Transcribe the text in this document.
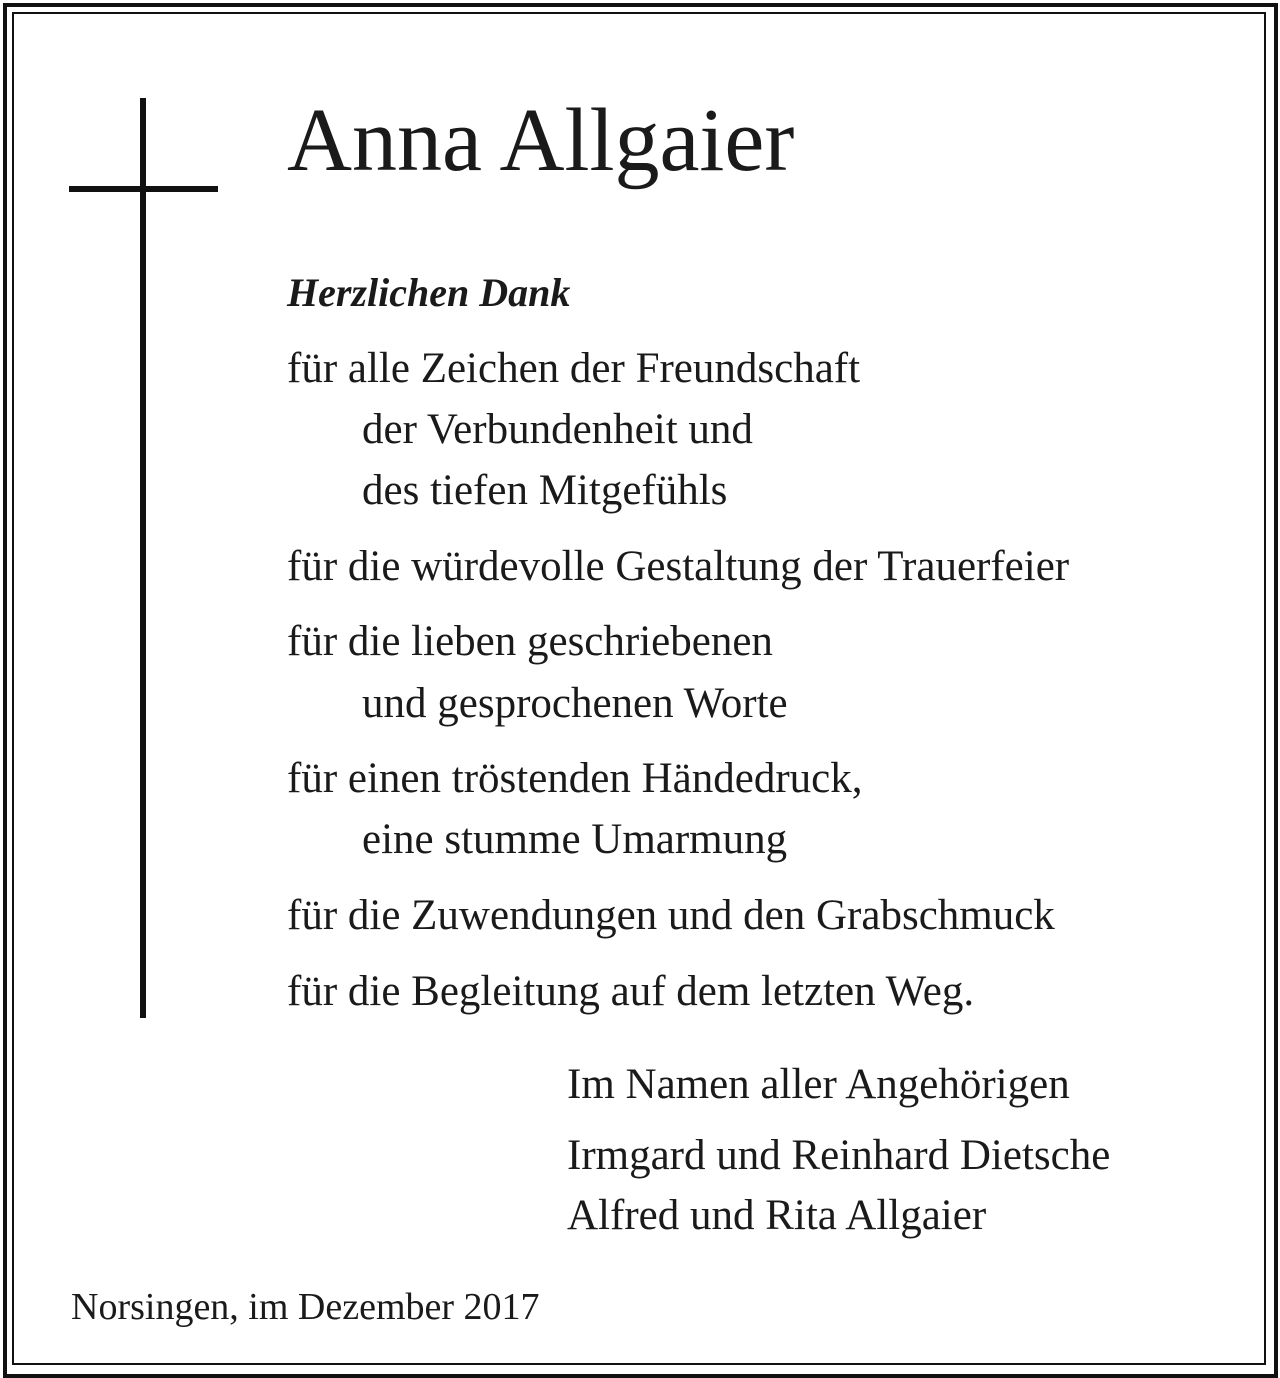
Anna Allgaier
Herzlichen Dank
für alle Zeichen der Freundschaft
der Verbundenheit und
des tiefen Mitgefühls
für die würdevolle Gestaltung der Trauerfeier
für die lieben geschriebenen
und gesprochenen Worte
für einen tröstenden Händedruck,
eine stumme Umarmung
für die Zuwendungen und den Grabschmuck
für die Begleitung auf dem letzten Weg.
Im Namen aller Angehörigen
Irmgard und Reinhard Dietsche
Alfred und Rita Allgaier
Norsingen, im Dezember 2017
